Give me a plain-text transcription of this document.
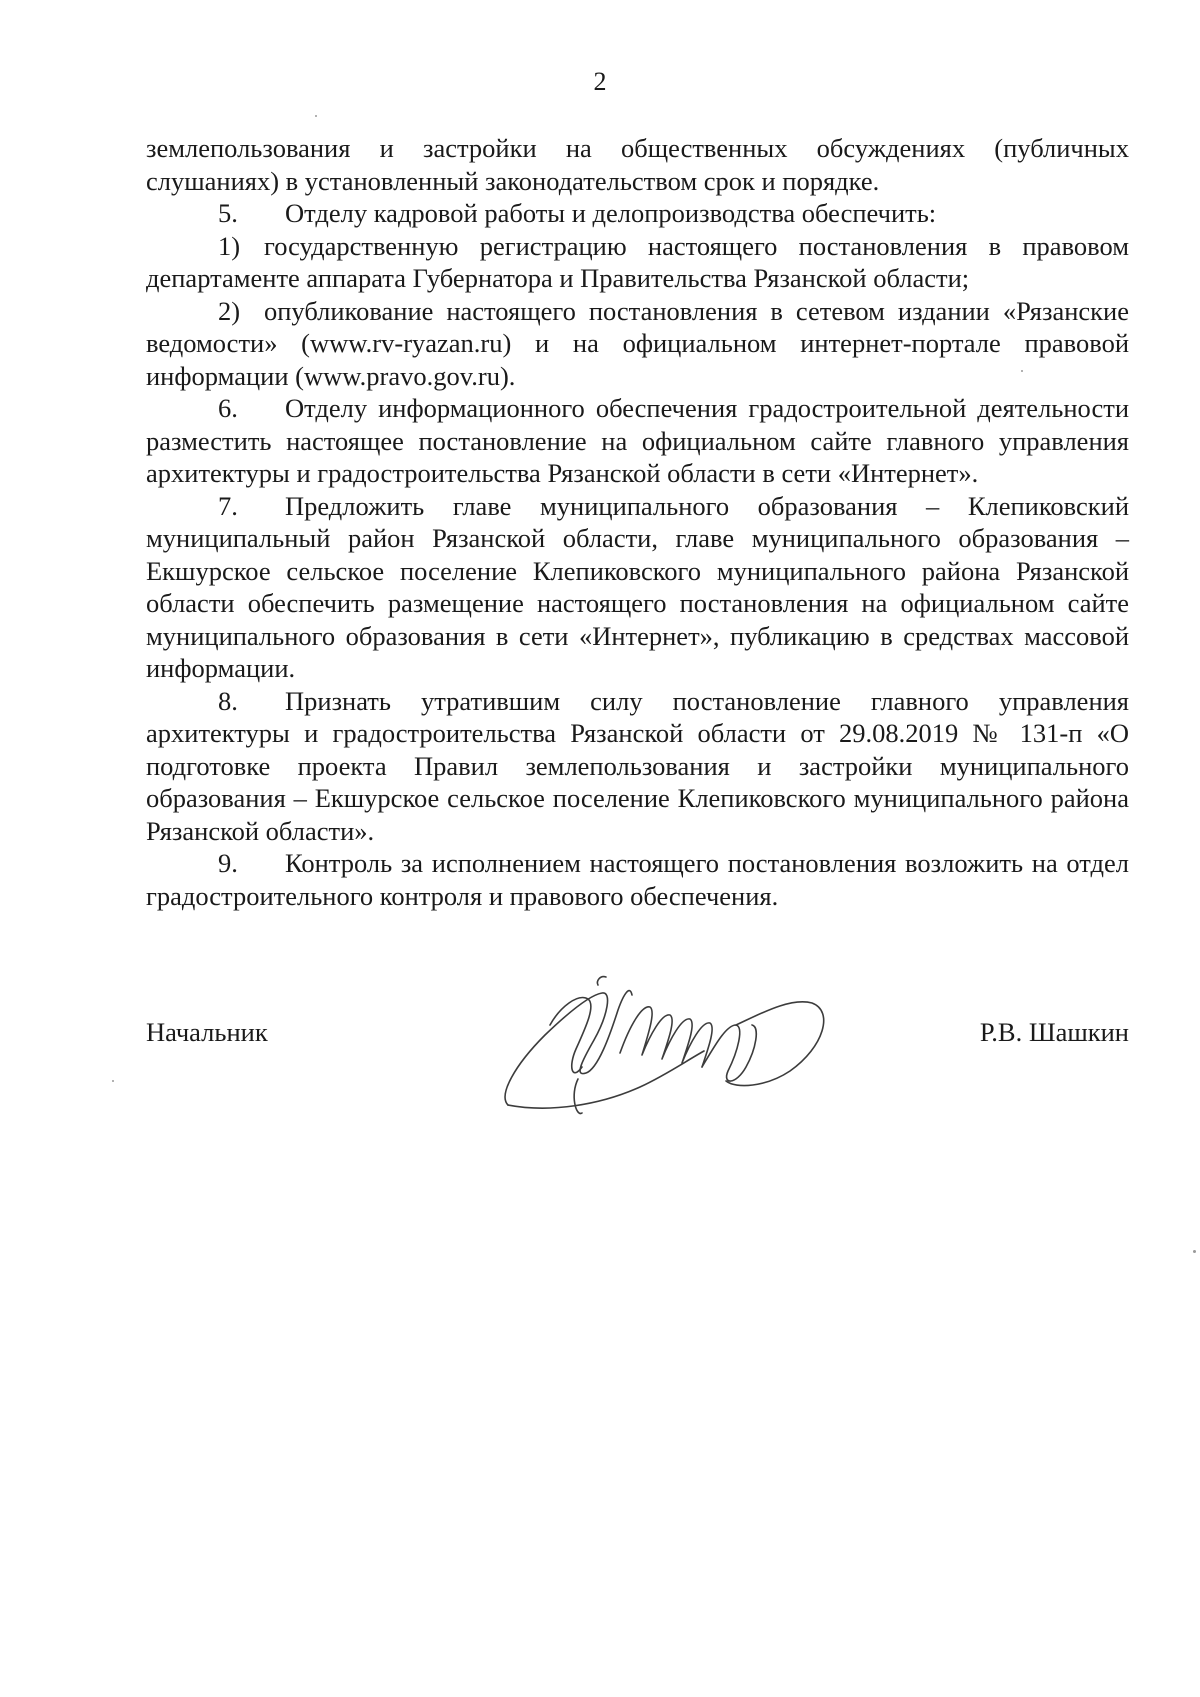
2

землепользования и застройки на общественных обсуждениях (публичных слушаниях) в установленный законодательством срок и порядке.

5. Отделу кадровой работы и делопроизводства обеспечить:

1) государственную регистрацию настоящего постановления в правовом департаменте аппарата Губернатора и Правительства Рязанской области;

2) опубликование настоящего постановления в сетевом издании «Рязанские ведомости» (www.rv-ryazan.ru) и на официальном интернет-портале правовой информации (www.pravo.gov.ru).

6. Отделу информационного обеспечения градостроительной деятельности разместить настоящее постановление на официальном сайте главного управления архитектуры и градостроительства Рязанской области в сети «Интернет».

7. Предложить главе муниципального образования – Клепиковский муниципальный район Рязанской области, главе муниципального образования – Екшурское сельское поселение Клепиковского муниципального района Рязанской области обеспечить размещение настоящего постановления на официальном сайте муниципального образования в сети «Интернет», публикацию в средствах массовой информации.

8. Признать утратившим силу постановление главного управления архитектуры и градостроительства Рязанской области от 29.08.2019 № 131-п «О подготовке проекта Правил землепользования и застройки муниципального образования – Екшурское сельское поселение Клепиковского муниципального района Рязанской области».

9. Контроль за исполнением настоящего постановления возложить на отдел градостроительного контроля и правового обеспечения.

Начальник	Р.В. Шашкин
